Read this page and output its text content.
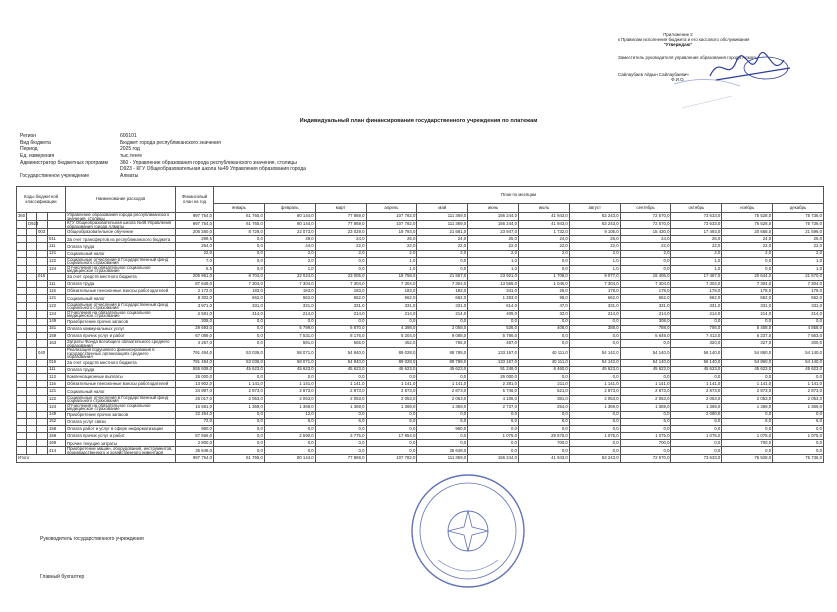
Приложение 2
к Правилам исполнения бюджета и его кассового обслуживания
"Утверждаю"
Заместитель руководителя управления образования города Алматы
Сайлаубаев Айдын Сайлаубаевич
Ф.И.О.
Индивидуальный план финансирования государственного учреждения по платежам
Регион	600101
Вид бюджета	Бюджет города республиканского значения
Период	2025 год
Ед. измерения	тыс.тенге
Администратор бюджетных программ	360 - Управление образования города республиканского значения, столицы
D923 - КГУ Общеобразовательная школа №49 Управления образования города
Государственное учреждение	Алматы
Коды бюджетной классификации				Наименование расходов	Финансовый план на год	План по месяцам											
						январь	февраль	март	апрель	май	июнь	июль	август	сентябрь	октябрь	ноябрь	декабрь
360				Управление образования города республиканского значения, столицы	997 754,0	61 765,0	80 144,0	77 869,0	107 782,0	111 369,0	156 244,0	41 943,0	63 243,0	72 570,0	73 633,0	75 528,0	75 736,0
	D923			КГУ Общеобразовательная школа №49 Управления образования города Алматы	997 754,0	61 765,0	80 144,0	77 869,0	107 782,0	111 369,0	156 244,0	41 943,0	63 243,0	72 570,0	73 633,0	75 528,0	75 736,0
		003		Общеобразовательное обучение	206 260,0	8 729,0	22 073,0	23 029,0	18 784,0	21 581,0	23 947,0	1 732,0	9 105,0	15 430,0	17 493,0	20 668,0	21 596,0
			011	За счет трансфертов из республиканского бюджета	299,5	0,0	49,0	24,0	26,0	24,0	25,0	24,0	26,0	24,0	26,0	24,0	26,0
			111	Оплата труда	264,0	0,0	44,0	22,0	22,0	22,0	22,0	22,0	22,0	22,0	22,0	22,0	22,0
			121	Социальный налог	22,0	0,0	2,0	2,0	2,0	2,0	2,0	2,0	2,0	2,0	2,0	2,0	2,0
			122	Социальные отчисления в Государственный фонд социального страхования	7,0	0,0	2,0	0,0	1,0	0,0	1,0	0,0	1,0	0,0	1,0	0,0	1,0
			124	Отчисления на обязательное социальное медицинское страхование	6,5	0,0	1,0	0,0	1,0	0,0	1,0	0,0	1,0	0,0	1,0	0,0	1,0
		015		За счет средств местного бюджета	205 961,0	8 704,0	22 024,0	23 005,0	18 758,0	21 557,0	23 921,0	1 708,0	9 077,0	15 406,0	17 467,0	20 644,0	21 570,0
			111	Оплата труда	87 649,0	7 304,0	7 304,0	7 304,0	7 304,0	7 304,0	13 565,0	1 045,0	7 304,0	7 304,0	7 304,0	7 304,0	7 304,0
			116	Обязательные пенсионные взносы работодателей	2 172,0	183,0	183,0	183,0	183,0	183,0	341,0	26,0	178,0	178,0	178,0	178,0	178,0
			121	Социальный налог	8 302,0	662,0	662,0	662,0	662,0	662,0	1 283,0	98,0	662,0	662,0	662,0	662,0	662,0
			122	Социальные отчисления в Государственный фонд социального страхования	3 971,0	331,0	331,0	331,0	331,0	331,0	614,0	47,0	331,0	331,0	331,0	331,0	331,0
			124	Отчисления на обязательное социальное медицинское страхование	2 581,0	214,0	214,0	214,0	214,0	214,0	409,0	32,0	214,0	214,0	214,0	214,0	214,0
			149	Приобретение прочих запасов	308,0	0,0	0,0	0,0	0,0	0,0	0,0	0,0	0,0	308,0	0,0	0,0	0,0
			151	Оплата коммунальных услуг	29 693,0	0,0	5 799,0	5 870,0	4 398,0	2 058,0	536,0	408,0	388,0	788,0	706,0	5 408,0	4 858,0
			159	Оплата прочих услуг и работ	67 089,0	0,0	7 531,0	8 176,0	5 204,0	9 088,0	5 786,0	0,0	0,0	5 649,0	7 413,0	6 237,0	7 663,0
			163	Затраты Фонда всеобщего обязательного среднего образования	4 267,0	0,0	591,0	665,0	452,0	755,0	487,0	0,0	0,0	0,0	320,0	327,0	300,0
		040		Реализация подушевого финансирования в государственных организациях среднего образования	791 494,0	53 036,0	58 071,0	54 840,0	89 028,0	89 788,0	133 167,0	40 111,0	54 142,0	54 140,0	56 140,0	54 860,0	54 140,0
			015	За счет средств местного бюджета	791 494,0	53 036,0	58 071,0	54 840,0	89 028,0	89 788,0	133 167,0	40 111,0	54 142,0	54 140,0	56 140,0	54 860,0	54 140,0
			111	Оплата труда	555 938,0	45 623,0	45 623,0	45 623,0	45 623,0	45 623,0	91 246,0	8 460,0	45 623,0	45 623,0	45 623,0	45 623,0	45 623,0
			113	Компенсационные выплаты	26 000,0	0,0	0,0	0,0	0,0	0,0	26 000,0	0,0	0,0	0,0	0,0	0,0	0,0
			116	Обязательные пенсионные взносы работодателей	13 902,0	1 141,0	1 141,0	1 141,0	1 141,0	1 141,0	2 281,0	211,0	1 141,0	1 141,0	1 141,0	1 141,0	1 141,0
			121	Социальный налог	34 997,0	2 873,0	2 873,0	2 873,0	2 873,0	2 873,0	5 746,0	521,0	2 873,0	2 873,0	2 873,0	2 873,0	2 873,0
			122	Социальные отчисления в Государственный фонд социального страхования	25 017,0	2 053,0	2 053,0	2 053,0	2 053,0	2 053,0	4 106,0	381,0	2 053,0	2 053,0	2 053,0	2 053,0	2 053,0
			124	Отчисления на обязательное социальное медицинское страхование	16 681,0	1 369,0	1 369,0	1 369,0	1 369,0	1 369,0	2 737,0	254,0	1 369,0	1 369,0	1 369,0	1 369,0	1 369,0
			149	Приобретение прочих запасов	22 454,0	0,0	12,0	0,0	0,0	0,0	0,0	0,0	0,0	0,0	2 080,0	0,0	0,0
			152	Оплата услуг связи	72,0	0,0	6,0	6,0	6,0	6,0	6,0	6,0	6,0	6,0	6,0	6,0	6,0
			158	Оплата работ и услуг в сфере информатизации	960,0	0,0	0,0	0,0	0,0	960,0	0,0	0,0	0,0	0,0	0,0	0,0	0,0
			159	Оплата прочих услуг и работ	57 566,0	0,0	2 590,0	3 775,0	17 954,0	0,0	1 075,0	29 575,0	1 075,0	1 075,0	1 075,0	1 075,0	1 075,0
			169	Прочие текущие затраты	2 800,0	0,0	0,0	0,0	0,0	0,0	0,0	700,0	0,0	700,0	0,0	700,0	0,0
			414	Приобретение машин, оборудования, инструментов, производственного и хозяйственного инвентаря	35 648,0	0,0	0,0	0,0	0,0	35 648,0	0,0	0,0	0,0	0,0	0,0	0,0	0,0
Итого					997 754,0	61 765,0	80 144,0	77 869,0	107 782,0	111 369,0	156 244,0	41 943,0	63 243,0	72 570,0	73 633,0	75 528,0	75 736,0
Руководитель государственного учреждения
Главный бухгалтер
